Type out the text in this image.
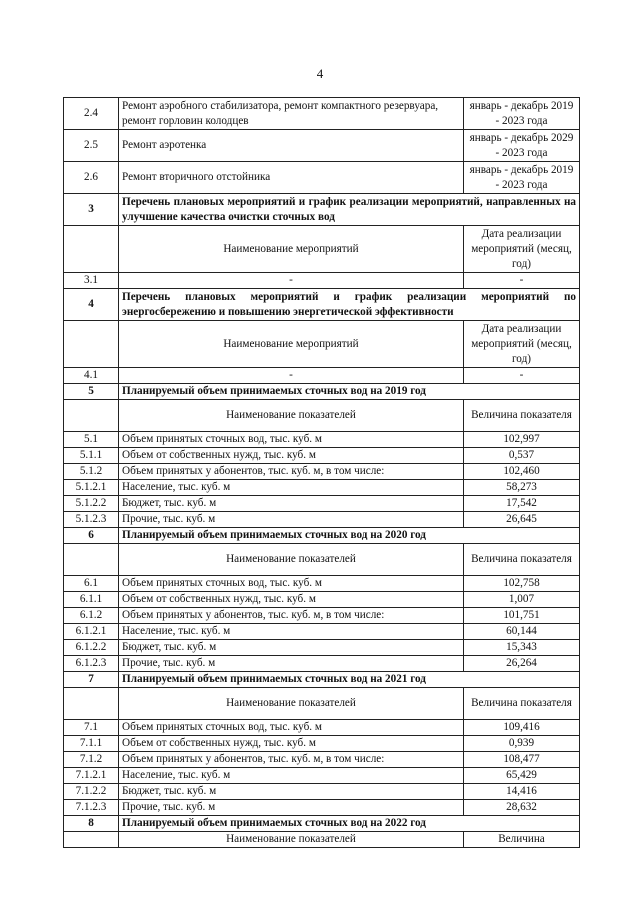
4
2.4	Ремонт аэробного стабилизатора, ремонт компактного резервуара, ремонт горловин колодцев	январь - декабрь 2019 - 2023 года
2.5	Ремонт аэротенка	январь - декабрь 2029 - 2023 года
2.6	Ремонт вторичного отстойника	январь - декабрь 2019 - 2023 года
3	Перечень плановых мероприятий и график реализации мероприятий, направленных на улучшение качества очистки сточных вод	
	Наименование мероприятий	Дата реализации мероприятий (месяц, год)
3.1	-	-
4	Перечень плановых мероприятий и график реализации мероприятий по энергосбережению и повышению энергетической эффективности	
	Наименование мероприятий	Дата реализации мероприятий (месяц, год)
4.1	-	-
5	Планируемый объем принимаемых сточных вод на 2019 год	
	Наименование показателей	Величина показателя
5.1	Объем принятых сточных вод, тыс. куб. м	102,997
5.1.1	Объем от собственных нужд, тыс. куб. м	0,537
5.1.2	Объем принятых у абонентов, тыс. куб. м, в том числе:	102,460
5.1.2.1	Население, тыс. куб. м	58,273
5.1.2.2	Бюджет, тыс. куб. м	17,542
5.1.2.3	Прочие, тыс. куб. м	26,645
6	Планируемый объем принимаемых сточных вод на 2020 год	
	Наименование показателей	Величина показателя
6.1	Объем принятых сточных вод, тыс. куб. м	102,758
6.1.1	Объем от собственных нужд, тыс. куб. м	1,007
6.1.2	Объем принятых у абонентов, тыс. куб. м, в том числе:	101,751
6.1.2.1	Население, тыс. куб. м	60,144
6.1.2.2	Бюджет, тыс. куб. м	15,343
6.1.2.3	Прочие, тыс. куб. м	26,264
7	Планируемый объем принимаемых сточных вод на 2021 год	
	Наименование показателей	Величина показателя
7.1	Объем принятых сточных вод, тыс. куб. м	109,416
7.1.1	Объем от собственных нужд, тыс. куб. м	0,939
7.1.2	Объем принятых у абонентов, тыс. куб. м, в том числе:	108,477
7.1.2.1	Население, тыс. куб. м	65,429
7.1.2.2	Бюджет, тыс. куб. м	14,416
7.1.2.3	Прочие, тыс. куб. м	28,632
8	Планируемый объем принимаемых сточных вод на 2022 год	
	Наименование показателей	Величина
